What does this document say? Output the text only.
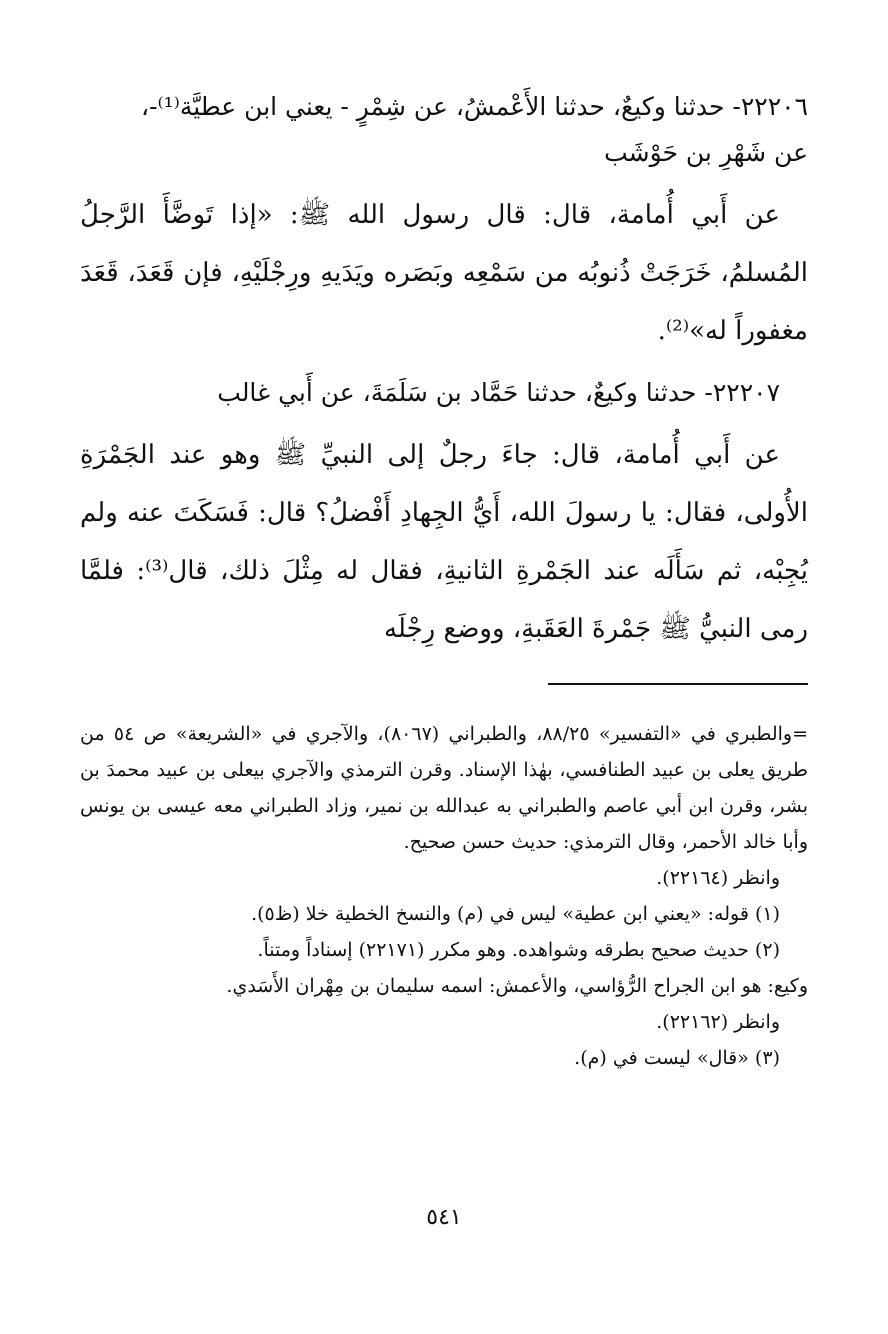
٢٢٢٠٦- حدثنا وكيعٌ، حدثنا الأَعْمشُ، عن شِمْرٍ - يعني ابن عطيَّة⁽¹⁾-،

عن شَهْرِ بن حَوْشَب

عن أَبي أُمامة، قال: قال رسول الله ﷺ: «إذا تَوضَّأَ الرَّجلُ المُسلمُ، خَرَجَتْ ذُنوبُه من سَمْعِه وبَصَره ويَدَيهِ ورِجْلَيْهِ، فإن قَعَدَ، قَعَدَ مغفوراً له»⁽²⁾.

٢٢٢٠٧- حدثنا وكيعٌ، حدثنا حَمَّاد بن سَلَمَةَ، عن أَبي غالب

عن أَبي أُمامة، قال: جاءَ رجلٌ إلى النبيِّ ﷺ وهو عند الجَمْرَةِ الأُولى، فقال: يا رسولَ الله، أَيُّ الجِهادِ أَفْضلُ؟ قال: فَسَكَتَ عنه ولم يُجِبْه، ثم سَأَلَه عند الجَمْرةِ الثانيةِ، فقال له مِثْلَ ذلك، قال⁽³⁾: فلمَّا رمى النبيُّ ﷺ جَمْرةَ العَقَبةِ، ووضع رِجْلَه

=والطبري في «التفسير» ٨٨/٢٥، والطبراني (٨٠٦٧)، والآجري في «الشريعة» ص ٥٤ من طريق يعلى بن عبيد الطنافسي، بهٰذا الإسناد. وقرن الترمذي والآجري بيعلى بن عبيد محمدَ بن بشر، وقرن ابن أبي عاصم والطبراني به عبدالله بن نمير، وزاد الطبراني معه عيسى بن يونس وأبا خالد الأحمر، وقال الترمذي: حديث حسن صحيح.

وانظر (٢٢١٦٤).

(١) قوله: «يعني ابن عطية» ليس في (م) والنسخ الخطية خلا (ظ٥).

(٢) حديث صحيح بطرقه وشواهده. وهو مكرر (٢٢١٧١) إسناداً ومتناً.

وكيع: هو ابن الجراح الرُّؤاسي، والأعمش: اسمه سليمان بن مِهْران الأَسَدي.

وانظر (٢٢١٦٢).

(٣) «قال» ليست في (م).

٥٤١
